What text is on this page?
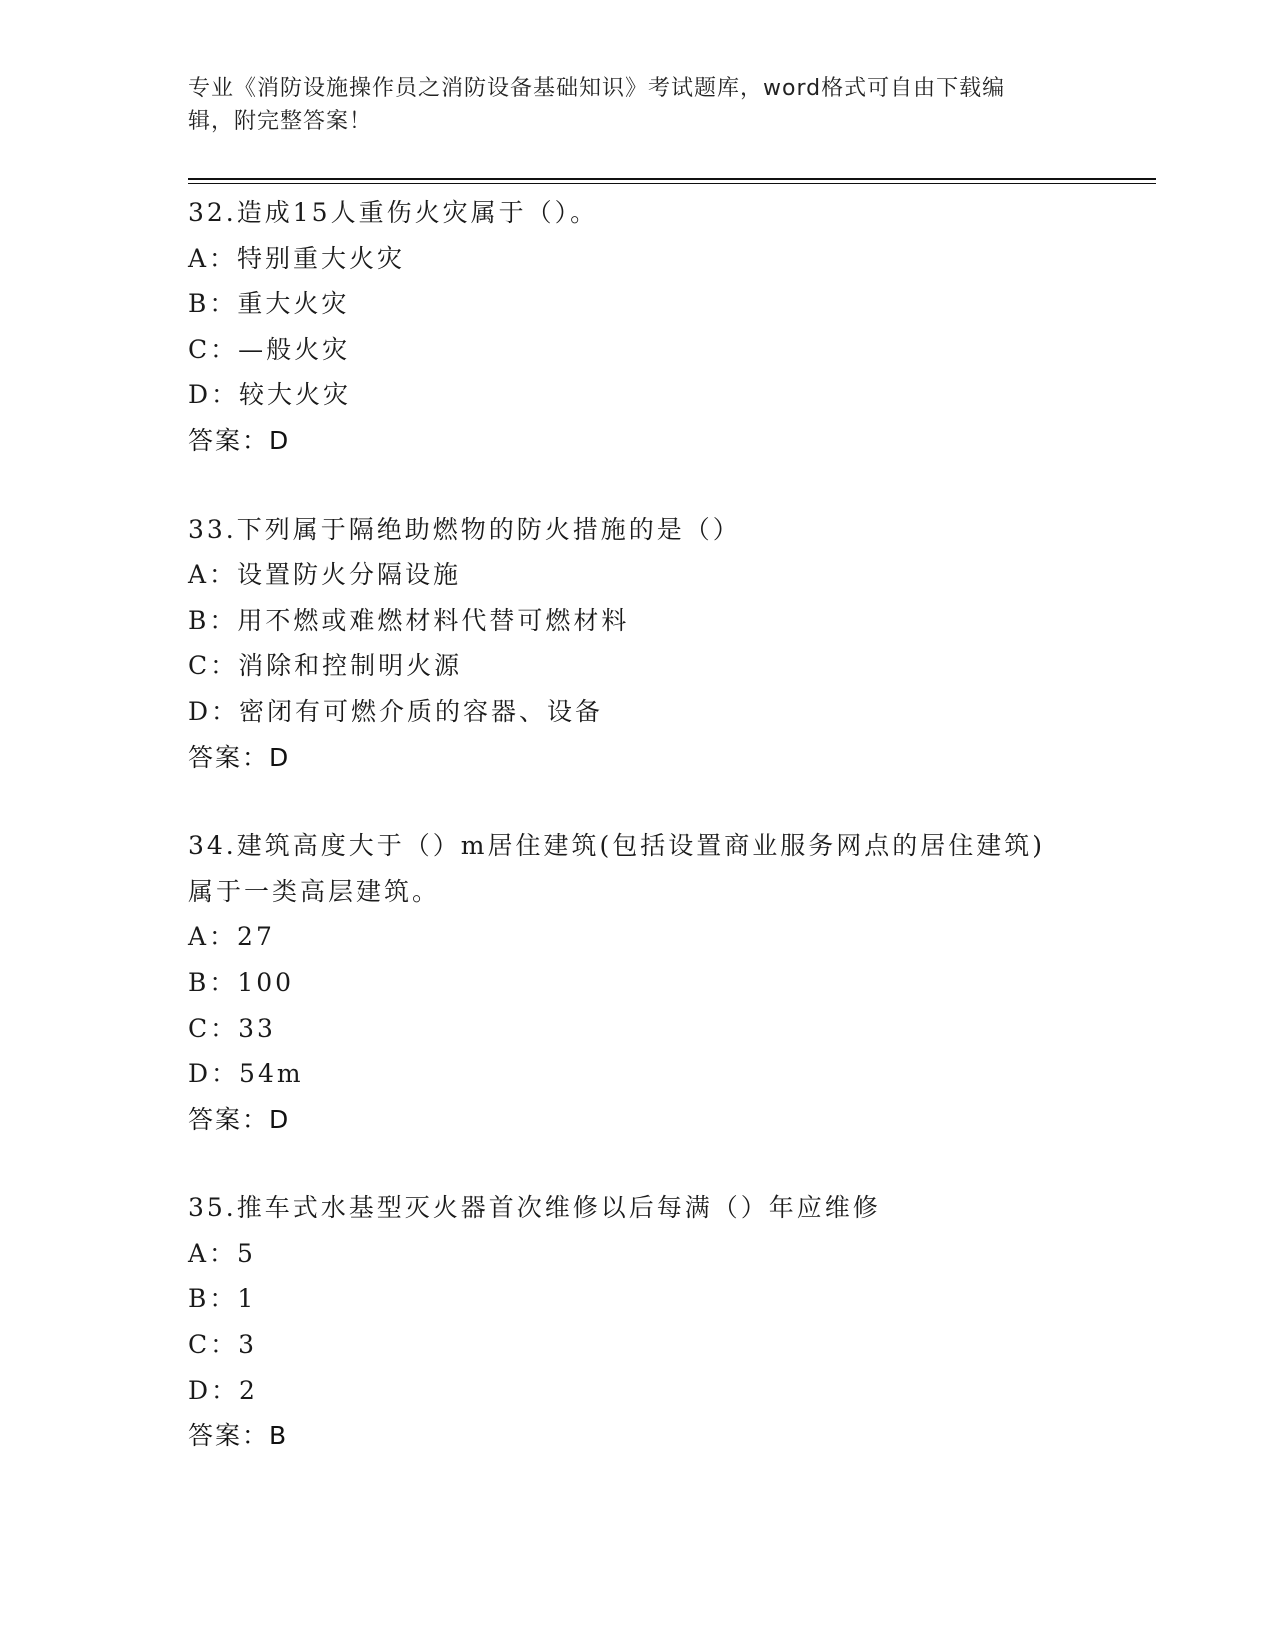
专业《消防设施操作员之消防设备基础知识》考试题库，word格式可自由下载编
辑，附完整答案！
32.造成15人重伤火灾属于（）。
A：特别重大火灾
B：重大火灾
C：—般火灾
D：较大火灾
答案：D
33.下列属于隔绝助燃物的防火措施的是（）
A：设置防火分隔设施
B：用不燃或难燃材料代替可燃材料
C：消除和控制明火源
D：密闭有可燃介质的容器、设备
答案：D
34.建筑高度大于（）m居住建筑(包括设置商业服务网点的居住建筑)
属于一类高层建筑。
A：27
B：100
C：33
D：54m
答案：D
35.推车式水基型灭火器首次维修以后每满（）年应维修
A：5
B：1
C：3
D：2
答案：B
